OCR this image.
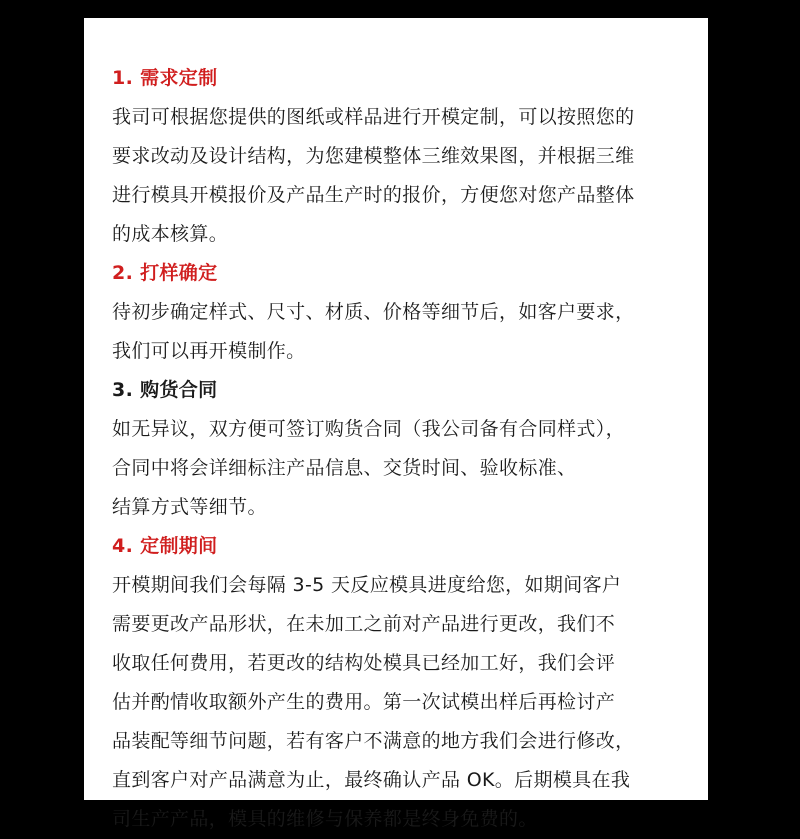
1. 需求定制
我司可根据您提供的图纸或样品进行开模定制，可以按照您的
要求改动及设计结构，为您建模整体三维效果图，并根据三维
进行模具开模报价及产品生产时的报价，方便您对您产品整体
的成本核算。
2. 打样确定
待初步确定样式、尺寸、材质、价格等细节后，如客户要求，
我们可以再开模制作。
3. 购货合同
如无异议，双方便可签订购货合同（我公司备有合同样式），
合同中将会详细标注产品信息、交货时间、验收标准、
结算方式等细节。
4. 定制期间
开模期间我们会每隔 3-5 天反应模具进度给您，如期间客户
需要更改产品形状，在未加工之前对产品进行更改，我们不
收取任何费用，若更改的结构处模具已经加工好，我们会评
估并酌情收取额外产生的费用。第一次试模出样后再检讨产
品装配等细节问题，若有客户不满意的地方我们会进行修改，
直到客户对产品满意为止，最终确认产品 OK。后期模具在我
司生产产品，模具的维修与保养都是终身免费的。
